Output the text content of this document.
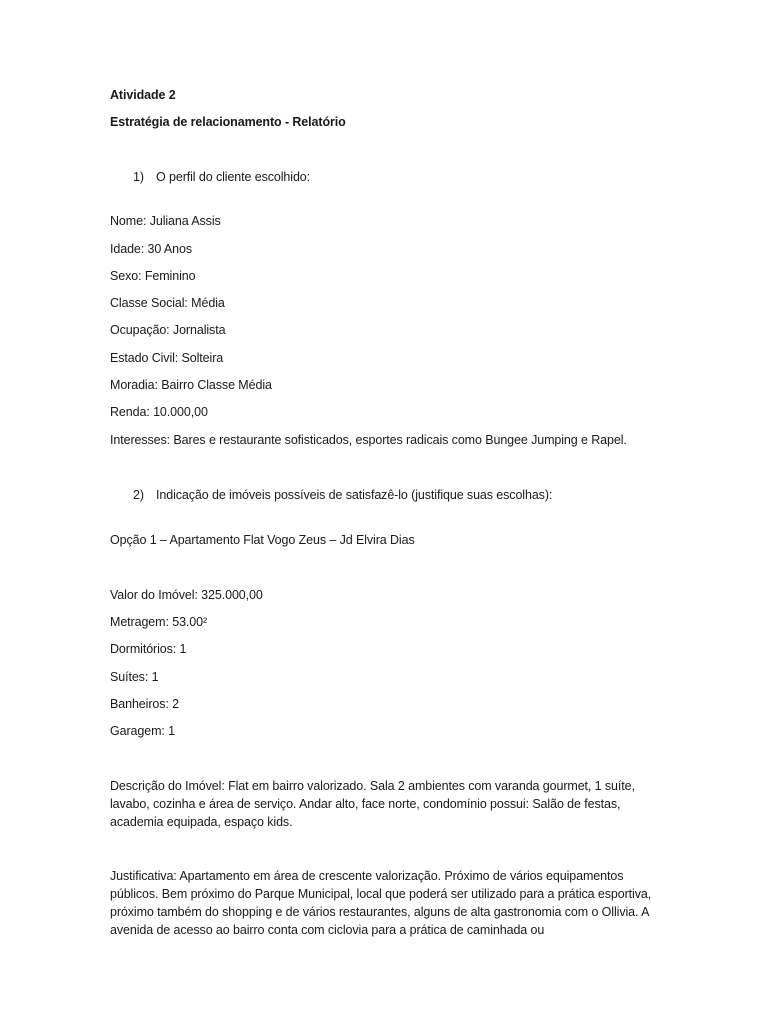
Atividade 2
Estratégia de relacionamento - Relatório
1) O perfil do cliente escolhido:
Nome: Juliana Assis
Idade: 30 Anos
Sexo: Feminino
Classe Social: Média
Ocupação: Jornalista
Estado Civil: Solteira
Moradia: Bairro Classe Média
Renda: 10.000,00
Interesses: Bares e restaurante sofisticados, esportes radicais como Bungee Jumping e Rapel.
2) Indicação de imóveis possíveis de satisfazê-lo (justifique suas escolhas):
Opção 1 – Apartamento Flat Vogo Zeus – Jd Elvira Dias
Valor do Imóvel: 325.000,00
Metragem: 53.00²
Dormitórios: 1
Suítes: 1
Banheiros: 2
Garagem: 1
Descrição do Imóvel: Flat em bairro valorizado. Sala 2 ambientes com varanda gourmet, 1 suíte, lavabo, cozinha e área de serviço. Andar alto, face norte, condomínio possui: Salão de festas, academia equipada, espaço kids.
Justificativa: Apartamento em área de crescente valorização. Próximo de vários equipamentos públicos. Bem próximo do Parque Municipal, local que poderá ser utilizado para a prática esportiva, próximo também do shopping e de vários restaurantes, alguns de alta gastronomia com o Ollivia. A avenida de acesso ao bairro conta com ciclovia para a prática de caminhada ou
